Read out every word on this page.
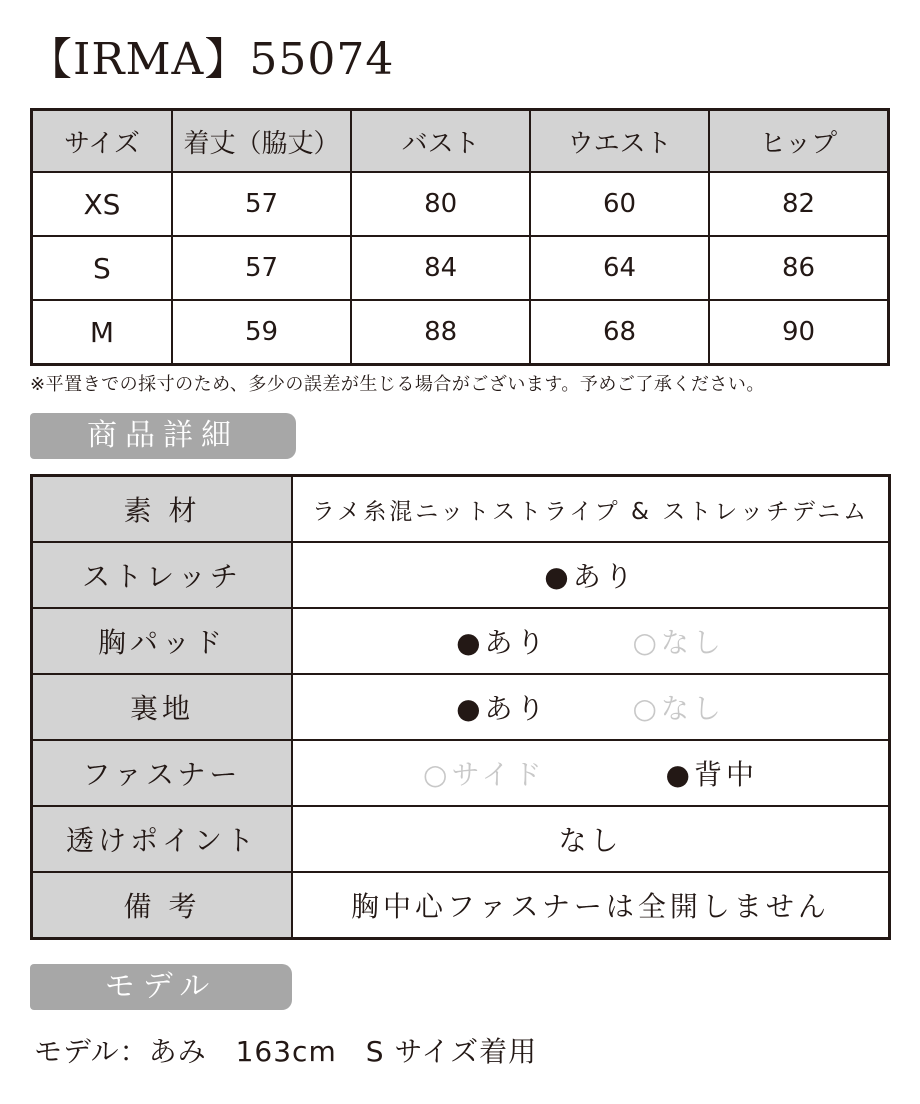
【IRMA】55074
サイズ	着丈（脇丈）	バスト	ウエスト	ヒップ
XS	57	80	60	82
S	57	84	64	86
M	59	88	68	90
※平置きでの採寸のため、多少の誤差が生じる場合がございます。予めご了承ください。
商品詳細
素 材	ラメ糸混ニットストライプ & ストレッチデニム
ストレッチ	●あり
胸パッド	●あり ○なし
裏地	●あり ○なし
ファスナー	○サイド ●背中
透けポイント	なし
備 考	胸中心ファスナーは全開しません
モデル
モデル：あみ　163cm　S サイズ着用
